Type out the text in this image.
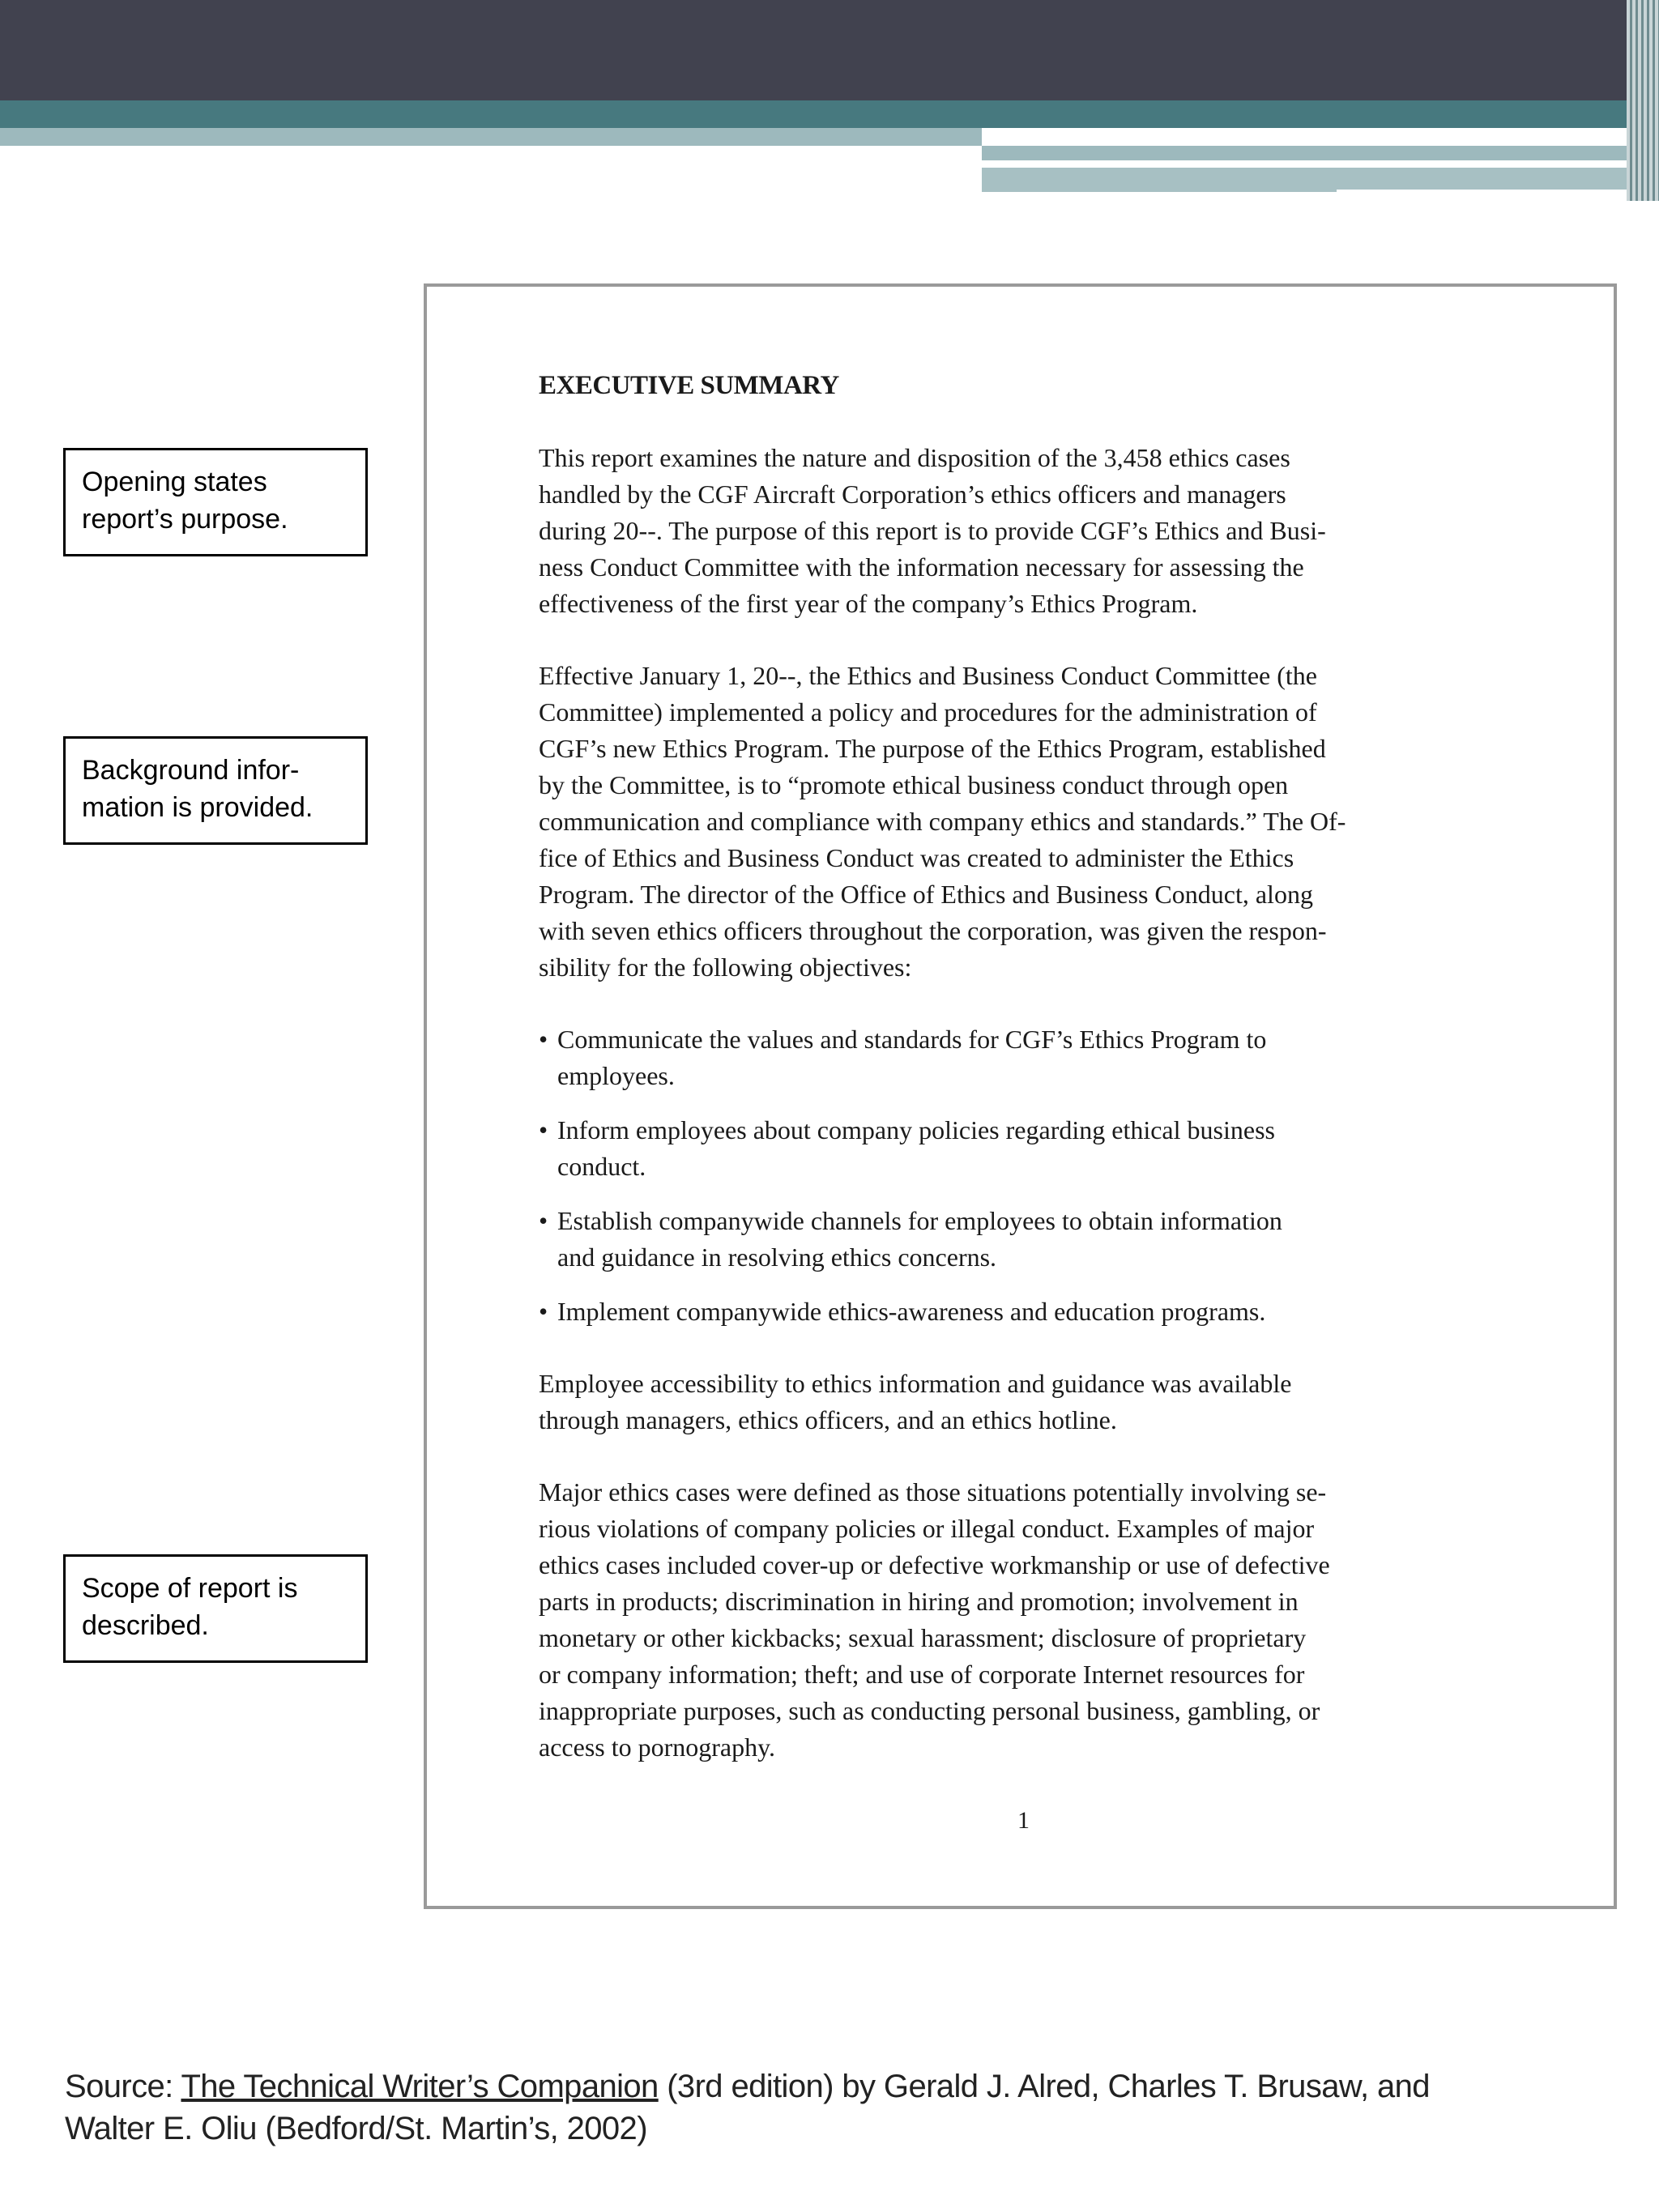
Opening states
report’s purpose.
Background infor-
mation is provided.
Scope of report is
described.
EXECUTIVE SUMMARY

This report examines the nature and disposition of the 3,458 ethics cases
handled by the CGF Aircraft Corporation’s ethics officers and managers
during 20--. The purpose of this report is to provide CGF’s Ethics and Busi-
ness Conduct Committee with the information necessary for assessing the
effectiveness of the first year of the company’s Ethics Program.

Effective January 1, 20--, the Ethics and Business Conduct Committee (the
Committee) implemented a policy and procedures for the administration of
CGF’s new Ethics Program. The purpose of the Ethics Program, established
by the Committee, is to “promote ethical business conduct through open
communication and compliance with company ethics and standards.” The Of-
fice of Ethics and Business Conduct was created to administer the Ethics
Program. The director of the Office of Ethics and Business Conduct, along
with seven ethics officers throughout the corporation, was given the respon-
sibility for the following objectives:

• Communicate the values and standards for CGF’s Ethics Program to
employees.
• Inform employees about company policies regarding ethical business
conduct.
• Establish companywide channels for employees to obtain information
and guidance in resolving ethics concerns.
• Implement companywide ethics-awareness and education programs.

Employee accessibility to ethics information and guidance was available
through managers, ethics officers, and an ethics hotline.

Major ethics cases were defined as those situations potentially involving se-
rious violations of company policies or illegal conduct. Examples of major
ethics cases included cover-up or defective workmanship or use of defective
parts in products; discrimination in hiring and promotion; involvement in
monetary or other kickbacks; sexual harassment; disclosure of proprietary
or company information; theft; and use of corporate Internet resources for
inappropriate purposes, such as conducting personal business, gambling, or
access to pornography.

1
Source: The Technical Writer’s Companion (3rd edition) by Gerald J. Alred, Charles T. Brusaw, and
Walter E. Oliu (Bedford/St. Martin’s, 2002)
